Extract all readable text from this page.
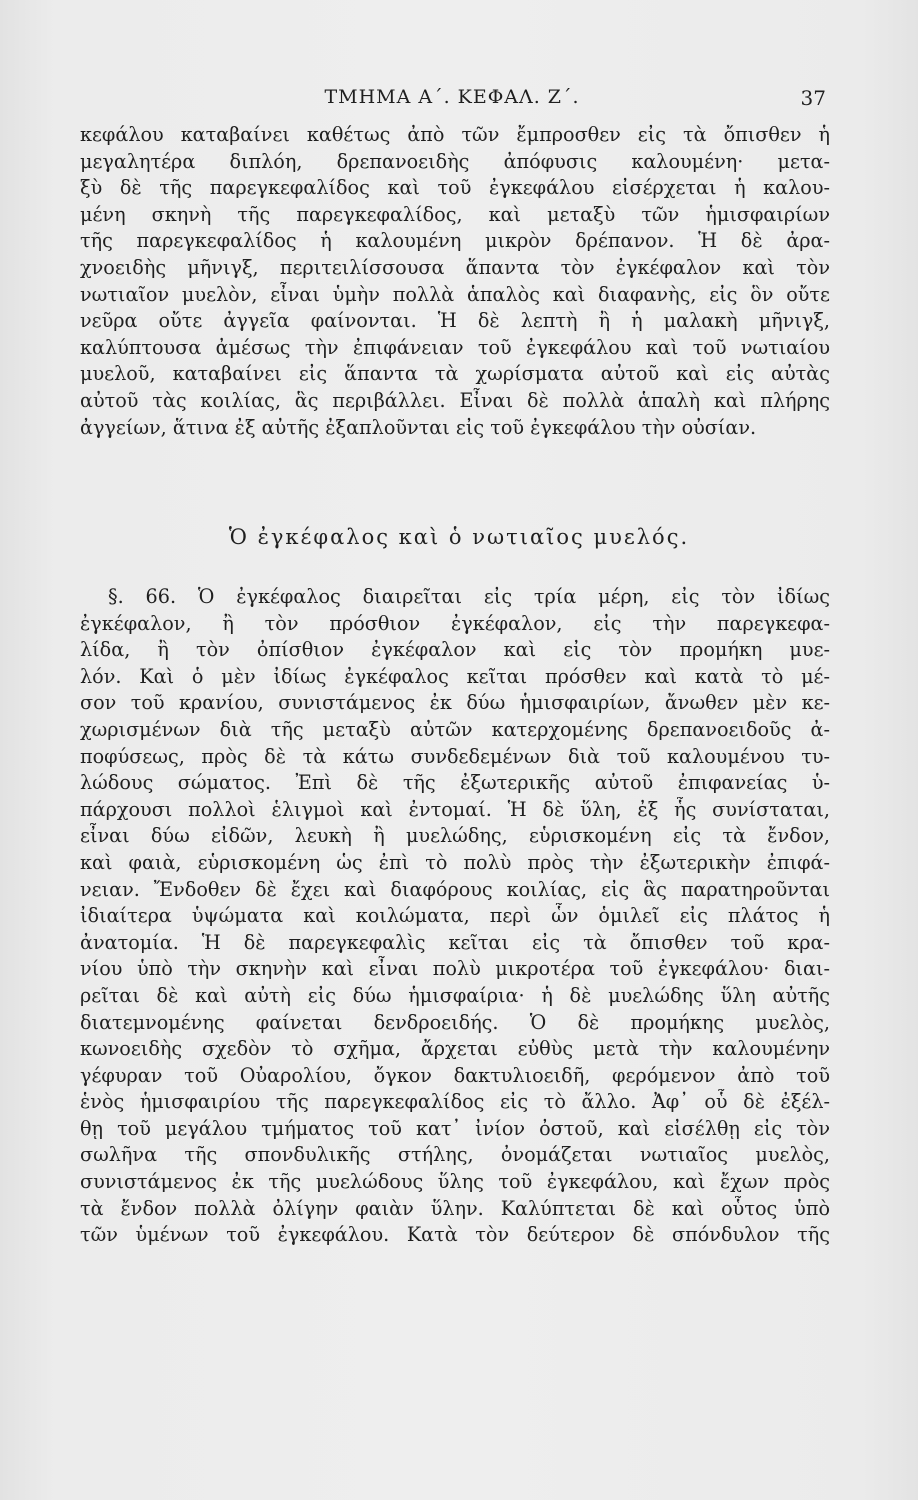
ΤΜΗΜΑ Α΄. ΚΕΦΑΛ. Ζ΄.	37
κεφάλου καταβαίνει καθέτως ἀπὸ τῶν ἔμπροσθεν εἰς τὰ ὄπισθεν ἡ
μεγαλητέρα διπλόη, δρεπανοειδὴς ἀπόφυσις καλουμένη· μετα-
ξὺ δὲ τῆς παρεγκεφαλίδος καὶ τοῦ ἐγκεφάλου εἰσέρχεται ἡ καλου-
μένη σκηνὴ τῆς παρεγκεφαλίδος, καὶ μεταξὺ τῶν ἡμισφαιρίων
τῆς παρεγκεφαλίδος ἡ καλουμένη μικρὸν δρέπανον. Ἡ δὲ ἀρα-
χνοειδὴς μῆνιγξ, περιτειλίσσουσα ἅπαντα τὸν ἐγκέφαλον καὶ τὸν
νωτιαῖον μυελὸν, εἶναι ὑμὴν πολλὰ ἁπαλὸς καὶ διαφανὴς, εἰς ὃν οὔτε
νεῦρα οὔτε ἀγγεῖα φαίνονται. Ἡ δὲ λεπτὴ ἢ ἡ μαλακὴ μῆνιγξ,
καλύπτουσα ἀμέσως τὴν ἐπιφάνειαν τοῦ ἐγκεφάλου καὶ τοῦ νωτιαίου
μυελοῦ, καταβαίνει εἰς ἅπαντα τὰ χωρίσματα αὐτοῦ καὶ εἰς αὐτὰς
αὐτοῦ τὰς κοιλίας, ἃς περιβάλλει. Εἶναι δὲ πολλὰ ἁπαλὴ καὶ πλήρης
ἀγγείων, ἅτινα ἐξ αὐτῆς ἐξαπλοῦνται εἰς τοῦ ἐγκεφάλου τὴν οὐσίαν.
Ὁ ἐγκέφαλος καὶ ὁ νωτιαῖος μυελός.
§. 66. Ὁ ἐγκέφαλος διαιρεῖται εἰς τρία μέρη, εἰς τὸν ἰδίως
ἐγκέφαλον, ἢ τὸν πρόσθιον ἐγκέφαλον, εἰς τὴν παρεγκεφα-
λίδα, ἢ τὸν ὀπίσθιον ἐγκέφαλον καὶ εἰς τὸν προμήκη μυε-
λόν. Καὶ ὁ μὲν ἰδίως ἐγκέφαλος κεῖται πρόσθεν καὶ κατὰ τὸ μέ-
σον τοῦ κρανίου, συνιστάμενος ἐκ δύω ἡμισφαιρίων, ἄνωθεν μὲν κε-
χωρισμένων διὰ τῆς μεταξὺ αὐτῶν κατερχομένης δρεπανοειδοῦς ἀ-
ποφύσεως, πρὸς δὲ τὰ κάτω συνδεδεμένων διὰ τοῦ καλουμένου τυ-
λώδους σώματος. Ἐπὶ δὲ τῆς ἐξωτερικῆς αὐτοῦ ἐπιφανείας ὑ-
πάρχουσι πολλοὶ ἑλιγμοὶ καὶ ἐντομαί. Ἡ δὲ ὕλη, ἐξ ἧς συνίσταται,
εἶναι δύω εἰδῶν, λευκὴ ἢ μυελώδης, εὑρισκομένη εἰς τὰ ἔνδον,
καὶ φαιὰ, εὑρισκομένη ὡς ἐπὶ τὸ πολὺ πρὸς τὴν ἐξωτερικὴν ἐπιφά-
νειαν. Ἔνδοθεν δὲ ἔχει καὶ διαφόρους κοιλίας, εἰς ἃς παρατηροῦνται
ἰδιαίτερα ὑψώματα καὶ κοιλώματα, περὶ ὧν ὁμιλεῖ εἰς πλάτος ἡ
ἀνατομία. Ἡ δὲ παρεγκεφαλὶς κεῖται εἰς τὰ ὄπισθεν τοῦ κρα-
νίου ὑπὸ τὴν σκηνὴν καὶ εἶναι πολὺ μικροτέρα τοῦ ἐγκεφάλου· διαι-
ρεῖται δὲ καὶ αὐτὴ εἰς δύω ἡμισφαίρια· ἡ δὲ μυελώδης ὕλη αὐτῆς
διατεμνομένης φαίνεται δενδροειδής. Ὁ δὲ προμήκης μυελὸς,
κωνοειδὴς σχεδὸν τὸ σχῆμα, ἄρχεται εὐθὺς μετὰ τὴν καλουμένην
γέφυραν τοῦ Οὐαρολίου, ὄγκον δακτυλιοειδῆ, φερόμενον ἀπὸ τοῦ
ἑνὸς ἡμισφαιρίου τῆς παρεγκεφαλίδος εἰς τὸ ἄλλο. Ἀφ᾽ οὗ δὲ ἐξέλ-
θῃ τοῦ μεγάλου τμήματος τοῦ κατ᾽ ἰνίον ὀστοῦ, καὶ εἰσέλθῃ εἰς τὸν
σωλῆνα τῆς σπονδυλικῆς στήλης, ὀνομάζεται νωτιαῖος μυελὸς,
συνιστάμενος ἐκ τῆς μυελώδους ὕλης τοῦ ἐγκεφάλου, καὶ ἔχων πρὸς
τὰ ἔνδον πολλὰ ὀλίγην φαιὰν ὕλην. Καλύπτεται δὲ καὶ οὗτος ὑπὸ
τῶν ὑμένων τοῦ ἐγκεφάλου. Κατὰ τὸν δεύτερον δὲ σπόνδυλον τῆς
